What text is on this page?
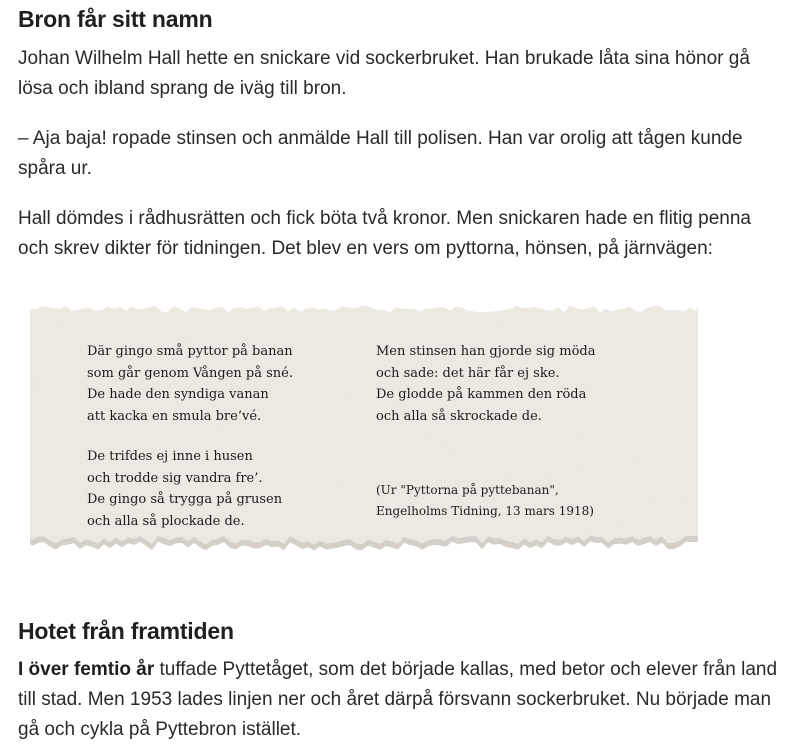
Bron får sitt namn

Johan Wilhelm Hall hette en snickare vid sockerbruket. Han brukade låta sina hönor gå
lösa och ibland sprang de iväg till bron.

– Aja baja! ropade stinsen och anmälde Hall till polisen. Han var orolig att tågen kunde
spåra ur.

Hall dömdes i rådhusrätten och fick böta två kronor. Men snickaren hade en flitig penna
och skrev dikter för tidningen. Det blev en vers om pyttorna, hönsen, på järnvägen:

Hotet från framtiden

I över femtio år tuffade Pyttetåget, som det började kallas, med betor och elever från land
till stad. Men 1953 lades linjen ner och året därpå försvann sockerbruket. Nu började man
gå och cykla på Pyttebron istället.

Där gingo små pyttor på banan
som går genom Vången på sné.
De hade den syndiga vanan
att kacka en smula bre’vé.
De trifdes ej inne i husen
och trodde sig vandra fre’.
De gingo så trygga på grusen
och alla så plockade de.
Men stinsen han gjorde sig möda
och sade: det här får ej ske.
De glodde på kammen den röda
och alla så skrockade de.
(Ur "Pyttorna på pyttebanan",
Engelholms Tidning, 13 mars 1918)
